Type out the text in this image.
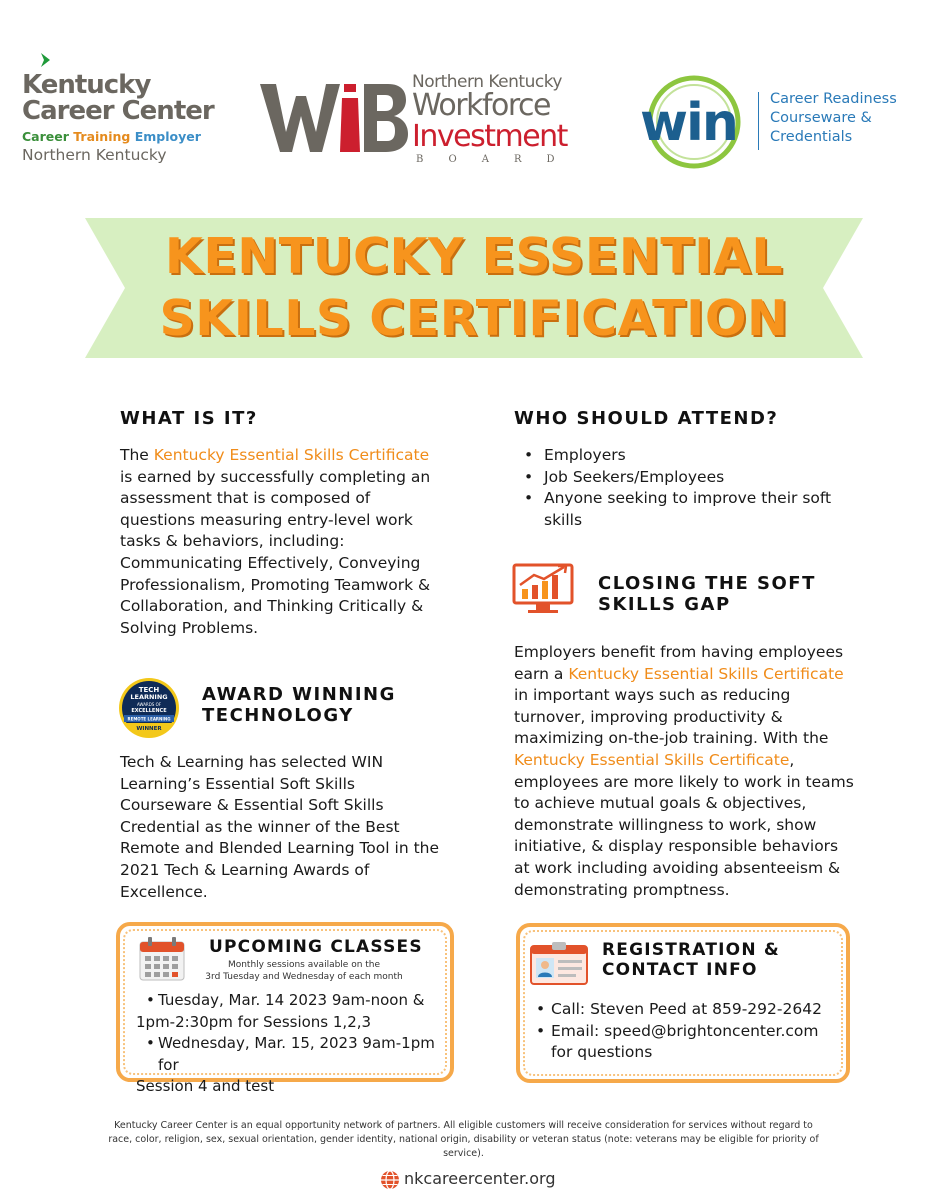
Kentucky
Career Center
Career Training Employer
Northern Kentucky
Northern Kentucky
Workforce
Investment
BOARD
win Career Readiness
Courseware &
Credentials
KENTUCKY ESSENTIAL
SKILLS CERTIFICATION
WHAT IS IT?
The Kentucky Essential Skills Certificate is earned by successfully completing an assessment that is composed of questions measuring entry-level work tasks & behaviors, including: Communicating Effectively, Conveying Professionalism, Promoting Teamwork & Collaboration, and Thinking Critically & Solving Problems.
TECH
LEARNING
AWARDS OF
EXCELLENCE
REMOTE LEARNING
WINNER
AWARD WINNING
TECHNOLOGY
Tech & Learning has selected WIN Learning’s Essential Soft Skills Courseware & Essential Soft Skills Credential as the winner of the Best Remote and Blended Learning Tool in the 2021 Tech & Learning Awards of Excellence.
WHO SHOULD ATTEND?
• Employers
• Job Seekers/Employees
• Anyone seeking to improve their soft skills
CLOSING THE SOFT
SKILLS GAP
Employers benefit from having employees earn a Kentucky Essential Skills Certificate in important ways such as reducing turnover, improving productivity & maximizing on-the-job training. With the Kentucky Essential Skills Certificate, employees are more likely to work in teams to achieve mutual goals & objectives, demonstrate willingness to work, show initiative, & display responsible behaviors at work including avoiding absenteeism & demonstrating promptness.
UPCOMING CLASSES
Monthly sessions available on the
3rd Tuesday and Wednesday of each month
• Tuesday, Mar. 14 2023 9am-noon &
1pm-2:30pm for Sessions 1,2,3
• Wednesday, Mar. 15, 2023 9am-1pm for
Session 4 and test
REGISTRATION &
CONTACT INFO
• Call: Steven Peed at 859-292-2642
• Email: speed@brightoncenter.com
for questions
Kentucky Career Center is an equal opportunity network of partners. All eligible customers will receive consideration for services without regard to
race, color, religion, sex, sexual orientation, gender identity, national origin, disability or veteran status (note: veterans may be eligible for priority of service).
nkcareercenter.org
